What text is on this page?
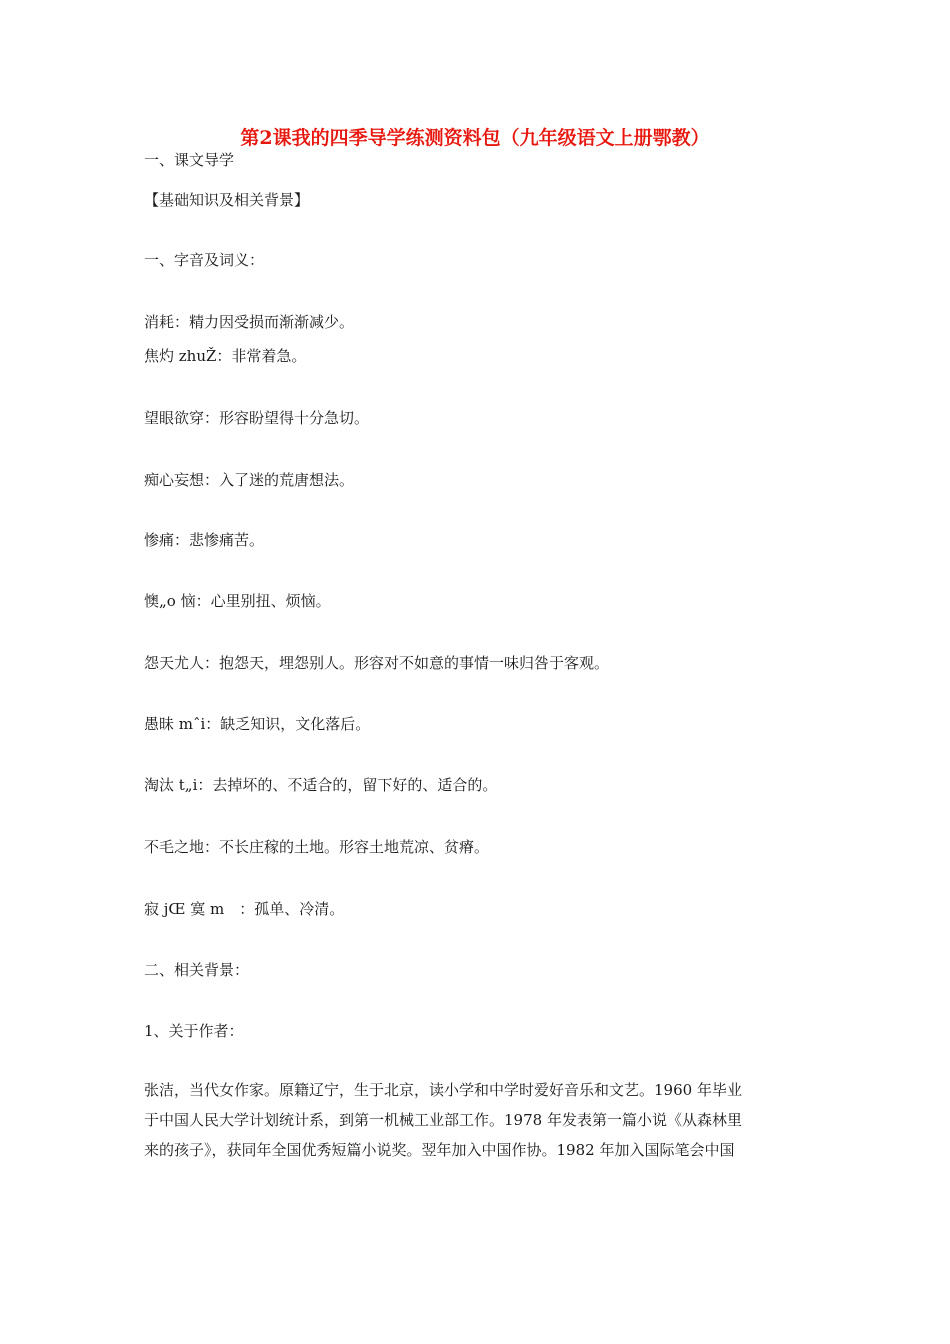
第2课我的四季导学练测资料包（九年级语文上册鄂教）
一、课文导学
【基础知识及相关背景】
一、字音及词义：
消耗：精力因受损而渐渐减少。
焦灼 zhuŽ：非常着急。
望眼欲穿：形容盼望得十分急切。
痴心妄想：入了迷的荒唐想法。
惨痛：悲惨痛苦。
懊„o 恼：心里别扭、烦恼。
怨天尤人：抱怨天，埋怨别人。形容对不如意的事情一味归咎于客观。
愚昧 mˆi：缺乏知识，文化落后。
淘汰 t„i：去掉坏的、不适合的，留下好的、适合的。
不毛之地：不长庄稼的土地。形容土地荒凉、贫瘠。
寂 jŒ 寞 m　：孤单、冷清。
二、相关背景：
1、关于作者：
张洁，当代女作家。原籍辽宁，生于北京，读小学和中学时爱好音乐和文艺。1960 年毕业
于中国人民大学计划统计系，到第一机械工业部工作。1978 年发表第一篇小说《从森林里
来的孩子》，获同年全国优秀短篇小说奖。翌年加入中国作协。1982 年加入国际笔会中国
